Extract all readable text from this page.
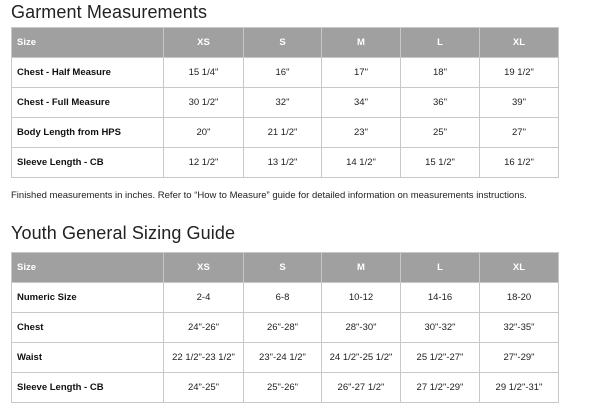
Garment Measurements
Size	XS	S	M	L	XL
Chest - Half Measure	15 1/4"	16"	17"	18"	19 1/2"
Chest - Full Measure	30 1/2"	32"	34"	36"	39"
Body Length from HPS	20"	21 1/2"	23"	25"	27"
Sleeve Length - CB	12 1/2"	13 1/2"	14 1/2"	15 1/2"	16 1/2"

Finished measurements in inches. Refer to “How to Measure” guide for detailed information on measurements instructions.

Youth General Sizing Guide
Size	XS	S	M	L	XL
Numeric Size	2-4	6-8	10-12	14-16	18-20
Chest	24"-26"	26"-28"	28"-30"	30"-32"	32"-35"
Waist	22 1/2"-23 1/2"	23"-24 1/2"	24 1/2"-25 1/2"	25 1/2"-27"	27"-29"
Sleeve Length - CB	24"-25"	25"-26"	26"-27 1/2"	27 1/2"-29"	29 1/2"-31"
